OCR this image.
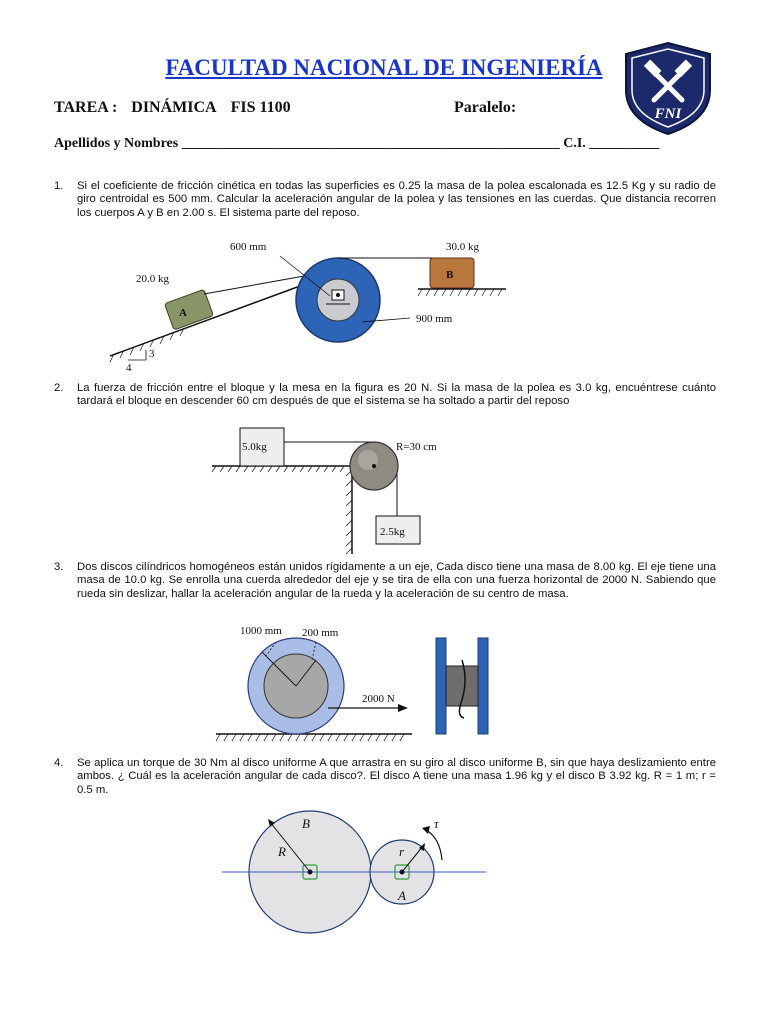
FACULTAD NACIONAL DE INGENIERÍA
TAREA : DINÁMICA FIS 1100	Paralelo:
Apellidos y Nombres ______________________________________________________ C.I. __________
FNI
1. Si el coeficiente de fricción cinética en todas las superficies es 0.25 la masa de la polea escalonada es 12.5 Kg y su radio de giro centroidal es 500 mm. Calcular la aceleración angular de la polea y las tensiones en las cuerdas. Que distancia recorren los cuerpos A y B en 2.00 s. El sistema parte del reposo.
3
4
A
20.0 kg
600 mm
900 mm
B
30.0 kg
2. La fuerza de fricción entre el bloque y la mesa en la figura es 20 N. Si la masa de la polea es 3.0 kg, encuéntrese cuánto tardará el bloque en descender 60 cm después de que el sistema se ha soltado a partir del reposo
5.0kg	R=30 cm
2.5kg
3. Dos discos cilíndricos homogéneos están unidos rígidamente a un eje, Cada disco tiene una masa de 8.00 kg. El eje tiene una masa de 10.0 kg. Se enrolla una cuerda alrededor del eje y se tira de ella con una fuerza horizontal de 2000 N. Sabiendo que rueda sin deslizar, hallar la aceleración angular de la rueda y la aceleración de su centro de masa.
1000 mm 200 mm
2000 N
4. Se aplica un torque de 30 Nm al disco uniforme A que arrastra en su giro al disco uniforme B, sin que haya deslizamiento entre ambos. ¿ Cuál es la aceleración angular de cada disco?. El disco A tiene una masa 1.96 kg y el disco B 3.92 kg. R = 1 m; r = 0.5 m.
B
R
A
r
τ
